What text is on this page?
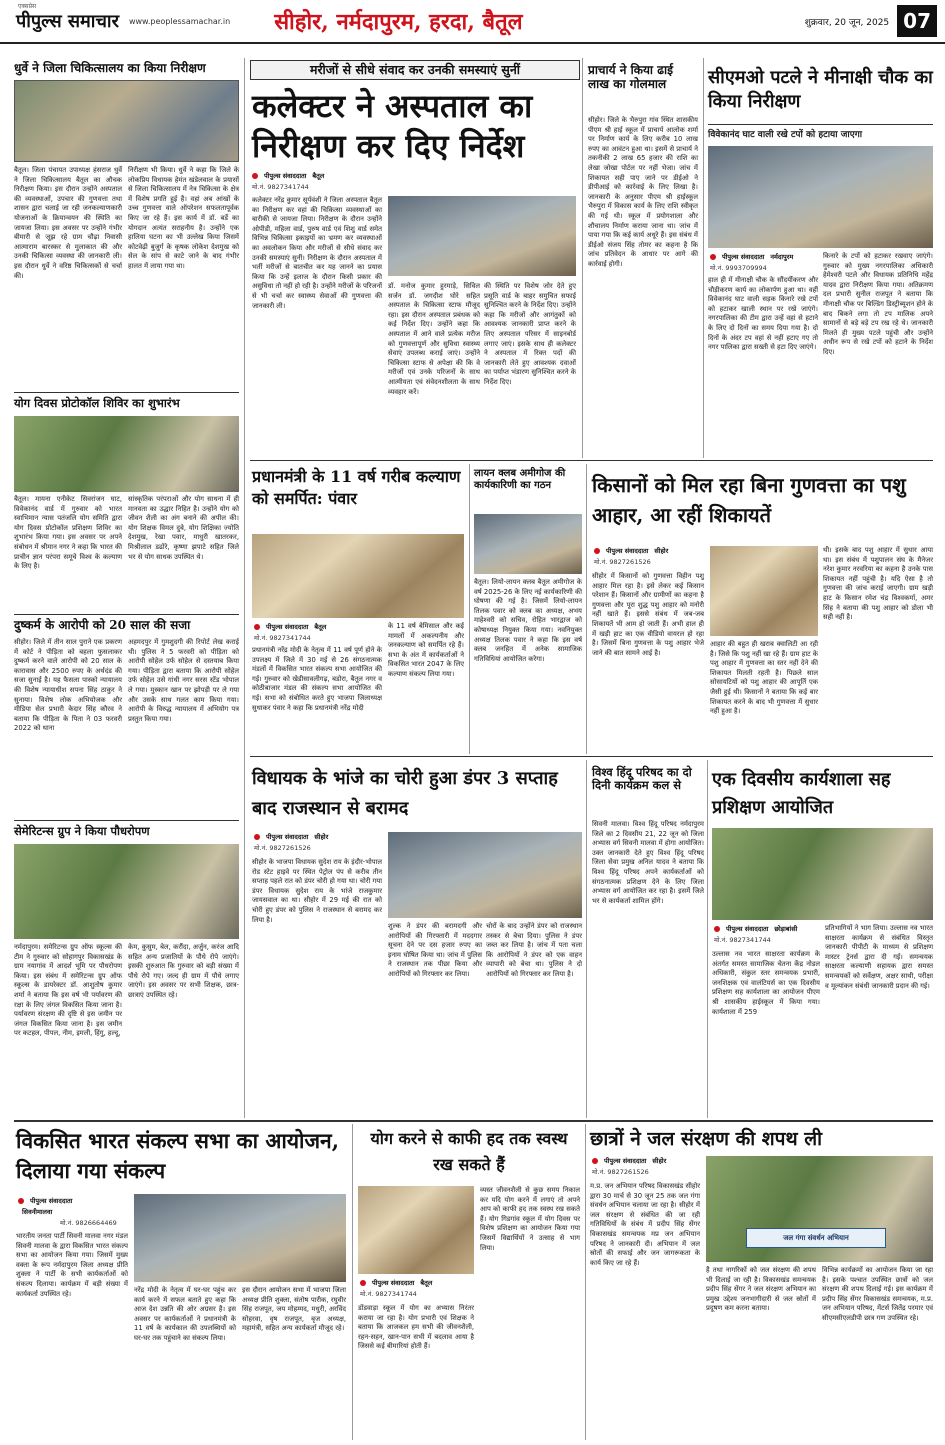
एक्सप्रेस
पीपुल्स समाचार www.peoplessamachar.in सीहोर, नर्मदापुरम, हरदा, बैतूल	शुक्रवार, 20 जून, 2025 07
धुर्वे ने जिला चिकित्सालय का किया निरीक्षण
बैतूल। जिला पंचायत उपाध्यक्ष हंसराज धुर्वे ने जिला चिकित्सालय बैतूल का औचक निरीक्षण किया। इस दौरान उन्होंने अस्पताल की व्यवस्थाओं, उपचार की गुणवत्ता तथा शासन द्वारा चलाई जा रही जनकल्याणकारी योजनाओं के क्रियान्वयन की स्थिति का जायजा लिया। इस अवसर पर उन्होंने गंभीर बीमारी से जूझ रहे ग्राम चौढ़ा निवासी आत्माराम बारस्कर से मुलाकात की और उनकी चिकित्सा व्यवस्था की जानकारी ली। इस दौरान धुर्वे ने वरिष्ठ चिकित्सकों से चर्चा की।
निरीक्षण भी किया। धुर्वे ने कहा कि जिले के लोकप्रिय विधायक हेमंत खंडेलवाल के प्रयासों से जिला चिकित्सालय में नेत्र चिकित्सा के क्षेत्र में विशेष प्रगति हुई है। वहां अब आंखों के उच्च गुणवत्ता वाले ऑपरेशन सफलतापूर्वक किए जा रहे हैं। इस कार्य में डॉ. बर्डे का योगदान अत्यंत सराहनीय है। उन्होंने एक हालिया घटना का भी उल्लेख किया जिसमें कोटवेढ़ी बुजुर्ग के कृषक लोकेश देशमुख को सेल के सांप से काटे जाने के बाद गंभीर हालत में लाया गया था।
योग दिवस प्रोटोकॉल शिविर का शुभारंभ
बैतूल। मायना एनीकेट सिवरांजन घाट, विवेकानंद वार्ड में गुरुवार को भारत स्वाभिमान न्यास पतंजलि योग समिति द्वारा योग दिवस प्रोटोकॉल प्रशिक्षण शिविर का शुभारंभ किया गया। इस अवसर पर अपने संबोधन में श्रीमान नगर ने कहा कि भारत की प्राचीन ज्ञान परंपरा समूचे विश्व के कल्याण के लिए है।
सांस्कृतिक परंपराओं और योग साधना में ही मानवता का उद्धार निहित है। उन्होंने योग को जीवन शैली का अंग बनाने की अपील की। योग शिक्षक विमल दुबे, योग शिक्षिका ज्योति देशमुख, रेखा पवार, माधुरी खातरकर, मिश्रीलाल डढोरे, कृष्णा झपाटे सहित जिले भर से योग साधक उपस्थित थे।
दुष्कर्म के आरोपी को 20 साल की सजा
सीहोर। जिले में तीन साल पुराने एक प्रकरण में कोर्ट ने पीड़िता को बहला फुसलाकर दुष्कर्म करने वाले आरोपी को 20 साल के कारावास और 2500 रुपए के अर्थदंड की सजा सुनाई है। यह फैसला पास्को न्यायालय की विशेष न्यायाधीश सपना सिंह ठाकुर ने सुनाया। विशेष लोक अभियोजक और मीडिया सेल प्रभारी केदार सिंह कौरव ने बताया कि पीड़िता के पिता ने 03 फरवरी 2022 को थाना
अहमदपुर में गुमशुदगी की रिपोर्ट लेख कराई थी। पुलिस ने 5 फरवरी को पीड़िता को आरोपी सोहेल उर्फ सोहेल से दस्तयाब किया गया। पीड़िता द्वारा बताया कि आरोपी सोहेल उर्फ सोहेल उसे गांधी नगर सरस स्टेंड भोपाल ले गया। मुस्कान खान पर झोपड़ी पर ले गया और उसके साथ गलत काम किया गया। आरोपी के विरुद्ध न्यायालय में अभियोग पत्र प्रस्तुत किया गया।
सेमेरिटन्स ग्रुप ने किया पौधरोपण
नर्मदापुरम। समेरिटन्स ग्रुप ऑफ स्कूल्स की टीम ने गुरुवार को सोहागपुर विकासखंड के ग्राम नयागांव में आदर्श भूमि पर पौधरोपण किया। इस संबंध में समेरिटन्स ग्रुप ऑफ स्कूल्स के डायरेक्टर डॉ. आशुतोष कुमार शर्मा ने बताया कि इस वर्ष भी पर्यावरण की रक्षा के लिए जंगल विकसित किया जाना है। पर्यावरण संरक्षण की दृष्टि से इस जमीन पर जंगल विकसित किया जाना है। इस जमीन पर कटहल, पीपल, नीम, इमली, हिंगु, हल्दू,
केम, कुसुम, बेल, करौंदा, अर्जुन, करंज आदि सहित अन्य प्रजातियों के पौधे रोपे जाएंगे। इसकी शुरुआत कि गुरुवार को बड़ी संख्या में पौधे रोपे गए। जल्द ही ग्राम में पौधे लगाए जाएंगे। इस अवसर पर सभी शिक्षक, छात्र-छात्राएं उपस्थित रहे।
मरीजों से सीधे संवाद कर उनकी समस्याएं सुनीं
कलेक्टर ने अस्पताल का निरीक्षण कर दिए निर्देश
पीपुल्स संवाददाता बैतूल
मो.नं. 9827341744
कलेक्टर नरेंद्र कुमार सूर्यवंशी ने जिला अस्पताल बैतूल का निरीक्षण कर वहां की चिकित्सा व्यवस्थाओं का बारीकी से जायजा लिया। निरीक्षण के दौरान उन्होंने ओपीडी, महिला वार्ड, पुरुष वार्ड एवं शिशु वार्ड समेत विभिन्न चिकित्सा इकाइयों का भ्रमण कर व्यवस्थाओं का अवलोकन किया और मरीजों से सीधे संवाद कर उनकी समस्याएं सुनीं। निरीक्षण के दौरान अस्पताल में भर्ती मरीजों से बातचीत कर यह जानने का प्रयास किया कि उन्हें इलाज के दौरान किसी प्रकार की असुविधा तो नहीं हो रही है। उन्होंने मरीजों के परिजनों से भी चर्चा कर स्वास्थ्य सेवाओं की गुणवत्ता की जानकारी ली।
डॉ. मनोज कुमार हुरमाड़े, सिविल सर्जन डॉ. जगदीश घोरे सहित अस्पताल के चिकित्सा स्टाफ मौजूद रहा। इस दौरान अस्पताल प्रबंधक को कई निर्देश दिए। उन्होंने कहा कि अस्पताल में आने वाले प्रत्येक मरीज को गुणवत्तापूर्ण और सुविधा स्वास्थ्य सेवाएं उपलब्ध कराई जाएं। उन्होंने चिकित्सा स्टाफ से अपेक्षा की कि वे मरीजों एवं उनके परिजनों के साथ आत्मीयता एवं संवेदनशीलता के साथ व्यवहार करें।
की स्थिति पर विशेष जोर देते हुए प्रसूति वार्ड के बाहर समुचित सफाई सुनिश्चित करने के निर्देश दिए। उन्होंने कहा कि मरीजों और आगंतुकों को आवश्यक जानकारी प्राप्त करने के लिए अस्पताल परिसर में साइनबोर्ड लगाए जाएं। इसके साथ ही कलेक्टर ने अस्पताल में रिक्त पदों की जानकारी लेते हुए आवश्यक दवाओं का पर्याप्त भंडारण सुनिश्चित करने के निर्देश दिए।
प्राचार्य ने किया ढाई लाख का गोलमाल
सीहोर। जिले के भैरुपुरा गांव स्थित शासकीय पीएम श्री हाई स्कूल में प्राचार्य आलोक शर्मा पर निर्माण कार्य के लिए करीब 10 लाख रुपए का आवंटन हुआ था। इसमें से प्राचार्य ने तकनीकी 2 लाख 65 हजार की राशि का लेखा जोखा पोर्टल पर नहीं भेजा। जांच में शिकायत सही पाए जाने पर डीईओ ने डीपीआई को कार्रवाई के लिए लिखा है। जानकारी के अनुसार पीएम श्री हाईस्कूल भैरुपुरा में विकास कार्य के लिए राशि स्वीकृत की गई थी। स्कूल में प्रयोगशाला और शौचालय निर्माण कराया जाना था। जांच में पाया गया कि कई कार्य अधूरे हैं। इस संबंध में डीईओ संजय सिंह तोमर का कहना है कि जांच प्रतिवेदन के आधार पर आगे की कार्रवाई होगी।
सीएमओ पटले ने मीनाक्षी चौक का किया निरीक्षण
विवेकानंद घाट वाली रखे टपों को हटाया जाएगा
पीपुल्स संवाददाता नर्मदापुरम
मो.नं. 9993709994
हाल ही में मीनाक्षी चौक के सौंदर्यीकरण और चौड़ीकरण कार्य का लोकार्पण हुआ था। वहीं विवेकानंद घाट वाली सड़क किनारे रखे टपों को हटाकर खाली स्थान पर रखे जाएंगे। नगरपालिका की टीम द्वारा उन्हें वहां से हटाने के लिए दो दिनों का समय दिया गया है। दो दिनों के अंदर टप वहां से नहीं हटाए गए तो नगर पालिका द्वारा सख्ती से हटा दिए जाएंगे।
किनारे के टपों को हटाकर रखवाए जाएंगे। गुरुवार को मुख्य नगरपालिका अधिकारी हेमेश्वरी पटले और विधायक प्रतिनिधि महेंद्र यादव द्वारा निरीक्षण किया गया। अतिक्रमण दल प्रभारी सुनील राजपूत ने बताया कि मीनाक्षी चौक पर बिल्डिंग डिस्ट्रीब्यूशन होने के बाद बिकने लगा तो टप मालिक अपने सामानों से बड़े बड़े टप रख रहे थे। जानकारी मिलते ही मुख्य पटले पहुंची और उन्होंने अधीन रूप से रखे टपों को हटाने के निर्देश दिए।
प्रधानमंत्री के 11 वर्ष गरीब कल्याण को समर्पित: पंवार
पीपुल्स संवाददाता बैतूल
मो.नं. 9827341744
प्रधानमंत्री नरेंद्र मोदी के नेतृत्व में 11 वर्ष पूर्ण होने के उपलक्ष्य में जिले में 30 मई से 26 संगठनात्मक मंडलों में विकसित भारत संकल्प सभा आयोजित की गई। गुरुवार को खेडीसावलीगढ़, बडोरा, बैतूल नगर व कोठीबाजार मंडल की संकल्प सभा आयोजित की गई। सभा को संबोधित करते हुए भाजपा जिलाध्यक्ष सुधाकर पंवार ने कहा कि प्रधानमंत्री नरेंद्र मोदी
के 11 वर्ष बेमिसाल और कई मामलों में अकल्पनीय और जनकल्याण को समर्पित रहे हैं। सभा के अंत में कार्यकर्ताओं ने विकसित भारत 2047 के लिए कल्याण संकल्प लिया गया।
लायन क्लब अमीगोज की कार्यकारिणी का गठन
बैतूल। लियो-लायन क्लब बैतूल अमीगोज के वर्ष 2025-26 के लिए नई कार्यकारिणी की घोषणा की गई है। जिसमें लियो-लायन तिलक पवार को क्लब का अध्यक्ष, अभय माहेश्वरी को सचिव, रोहित भारद्वाज को कोषाध्यक्ष नियुक्त किया गया। नवनियुक्त अध्यक्ष तिलक पवार ने कहा कि इस वर्ष क्लब जनहित में अनेक सामाजिक गतिविधियां आयोजित करेगा।
किसानों को मिल रहा बिना गुणवत्ता का पशु आहार, आ रहीं शिकायतें
पीपुल्स संवाददाता सीहोर
मो.नं. 9827261526
सीहोर में किसानों को गुणवत्ता विहीन पशु आहार मिल रहा है। इसे लेकर कई किसान परेशान हैं। किसानों और ग्रामीणों का कहना है गुणवत्ता और पूरा शुद्ध पशु आहार को मनोरी नहीं खाते हैं। इससे संबंध में जब-जब शिकायतें भी आम हो जाती हैं। अभी हाल ही में खड़ी हाट का एक वीडियो वायरल हो रहा है। जिसमें बिना गुणवत्ता के पशु आहार भेजे जाने की बात सामने आई है।
आहार की बहुत ही खराब क्वालिटी आ रही है। जिसे कि पशु नहीं खा रहे हैं। ग्राम हाट के पशु आहार में गुणवत्ता का स्तर नहीं देने की शिकायत मिलती रहती है। पिछले साल सोसायटियों को पशु आहार की आपूर्ति एक जैसी हुई थी। किसानों ने बताया कि कई बार शिकायत करने के बाद भी गुणवत्ता में सुधार नहीं हुआ है।
थी। इसके बाद पशु आहार में सुधार आया था। इस संबंध में पशुपालन संघ के मैनेजर नरेश कुमार नरवरिया का कहना है उनके पास शिकायत नहीं पहुंची है। यदि ऐसा है तो गुणवत्ता की जांच कराई जाएगी। ग्राम खड़ी हाट के किसान रमेश चंद्र विश्वकर्मा, अमर सिंह ने बताया की पशु आहार को डोला भी सही नहीं है।
विधायक के भांजे का चोरी हुआ डंपर 3 सप्ताह बाद राजस्थान से बरामद
पीपुल्स संवाददाता सीहोर
मो.नं. 9827261526
सीहोर के भाजपा विधायक सुदेश राय के इंदौर-भोपाल रोड स्टेट हाइवे पर स्थित पेट्रोल पंप से करीब तीन सप्ताह पहले रात को डंपर चोरी हो गया था। चोरी गया डंपर विधायक सुदेश राय के भांजे राजकुमार जायसवाल का था। सीहोर में 29 मई की रात को चोरी हुए डंपर को पुलिस ने राजस्थान से बरामद कर लिया है।
शुल्क ने डंपर की बरामदगी और आरोपियों की गिरफ्तारी में मददगार सूचना देने पर दस हजार रुपए का इनाम घोषित किया था। जांच में पुलिस ने राजस्थान तक पीछा किया और आरोपियों को गिरफ्तार कर लिया।
चोरों के बाद उन्होंने डंपर को राजस्थान तस्कर से बेचा दिया। पुलिस ने डंपर जब्त कर लिया है। जांच में पता चला कि आरोपियों ने डंपर को एक वाहन व्यापारी को बेचा था। पुलिस ने दो आरोपियों को गिरफ्तार कर लिया है।
विश्व हिंदू परिषद का दो दिनी कार्यक्रम कल से
सिवनी मालवा। विश्व हिंदू परिषद नर्मदापुरम जिले का 2 दिवसीय 21, 22 जून को जिला अभ्यास वर्ग सिवनी मालवा में होगा आयोजित। उक्त जानकारी देते हुए विश्व हिंदू परिषद जिला सेवा प्रमुख अनिल यादव ने बताया कि विश्व हिंदू परिषद अपने कार्यकर्ताओं को संगठनात्मक प्रशिक्षण देने के लिए जिला अभ्यास वर्ग आयोजित कर रहा है। इसमें जिले भर से कार्यकर्ता शामिल होंगे।
एक दिवसीय कार्यशाला सह प्रशिक्षण आयोजित
पीपुल्स संवाददाता छोड़ाबांसी
मो.नं. 9827341744
उल्लास नव भारत साक्षरता कार्यक्रम के अंतर्गत समस्त सामाजिक चेतना केंद्र नोडल अधिकारी, संकुल स्तर समन्वयक प्रभारी, जनशिक्षक एवं वालंटियर्स का एक दिवसीय प्रशिक्षण सह कार्यशाला का आयोजन पीएम श्री शासकीय हाईस्कूल में किया गया। कार्यशाला में 259
प्रतिभागियों ने भाग लिया। उल्लास नव भारत साक्षरता कार्यक्रम से संबंधित विस्तृत जानकारी पीपीटी के माध्यम से प्रशिक्षण मास्टर ट्रेनर्स द्वारा दी गई। समन्वयक साक्षरता कल्याणी सहायक द्वारा समस्त समन्वयकों को सर्वेक्षण, अक्षर साथी, परीक्षा व मूल्यांकन संबंधी जानकारी प्रदान की गई।
विकसित भारत संकल्प सभा का आयोजन, दिलाया गया संकल्प
पीपुल्स संवाददाता
सिवनीमालवा
मो.नं. 9826664469
भारतीय जनता पार्टी सिवनी मालवा नगर मंडल सिवनी मालवा के द्वारा विकसित भारत संकल्प सभा का आयोजन किया गया। जिसमें मुख्य वक्ता के रूप नर्मदापुरम जिला अध्यक्ष प्रीति शुक्ला ने पार्टी के सभी कार्यकर्ताओं को संकल्प दिलाया। कार्यक्रम में बड़ी संख्या में कार्यकर्ता उपस्थित रहे।	नरेंद्र मोदी के नेतृत्व में घर-घर पहुंच कर कार्य करने में सफल बताते हुए कहा कि आज देश उन्नति की ओर अग्रसर है। इस अवसर पर कार्यकर्ताओं ने प्रधानमंत्री के 11 वर्ष के कार्यकाल की उपलब्धियों को घर-घर तक पहुंचाने का संकल्प लिया।
इस दौरान आयोजन सभा में भाजपा जिला अध्यक्ष प्रीति शुक्ला, संतोष पारीक, रघुवीर सिंह राजपूत, जय मोहम्मद, मधुरी, अरविंद सोहरवा, वृष राजपूत, बृज अध्यक्ष, महामंत्री, सहित अन्य कार्यकर्ता मौजूद रहे।
योग करने से काफी हद तक स्वस्थ रख सकते हैं
पीपुल्स संवाददाता बैतूल
मो.नं. 9827341744
डोंडवाड़ा स्कूल में योग का अभ्यास निरंतर कराया जा रहा है। योग प्रभारी एवं शिक्षक ने बताया कि आजकल हम सभी की जीवनशैली, रहन-सहन, खान-पान सभी में बदलाव आया है जिससे कई बीमारियां होती हैं।
व्यस्त जीवनशैली से कुछ समय निकाल कर यदि योग करने में लगाएं तो अपने आप को काफी हद तक स्वस्थ रख सकते हैं। योग गिडगांव स्कूल में योग दिवस पर विशेष प्रशिक्षण का आयोजन किया गया जिसमें विद्यार्थियों ने उत्साह से भाग लिया।
छात्रों ने जल संरक्षण की शपथ ली
पीपुल्स संवाददाता सीहोर
मो.नं. 9827261526
म.प्र. जन अभियान परिषद विकासखंड सीहोर द्वारा 30 मार्च से 30 जून 25 तक जल गंगा संवर्धन अभियान चलाया जा रहा है। सीहोर में जल संरक्षण से संबंधित की जा रही गतिविधियों के संबंध में प्रदीप सिंह सेंगर विकासखंड समन्वयक मप्र जन अभियान परिषद ने जानकारी दी। अभियान में जल स्रोतों की सफाई और जन जागरूकता के कार्य किए जा रहे हैं।
जल गंगा संवर्धन अभियान
है तथा नागरिकों को जल संरक्षण की शपथ भी दिलाई जा रही है। विकासखंड समन्वयक प्रदीप सिंह सेंगर ने जल संरक्षण अभियान का प्रमुख उद्देश्य जनभागीदारी से जल स्रोतों में प्रदूषण कम करना बताया।
विभिन्न कार्यक्रमों का आयोजन किया जा रहा है। इसके पश्चात उपस्थित छात्रों को जल संरक्षण की शपथ दिलाई गई। इस कार्यक्रम में प्रदीप सिंह सेंगर विकासखंड समन्वयक, म.प्र. जन अभियान परिषद, मेंटर्स जितेंद्र परमार एवं सीएमसीएलडीपी छात्र गण उपस्थित रहे।
